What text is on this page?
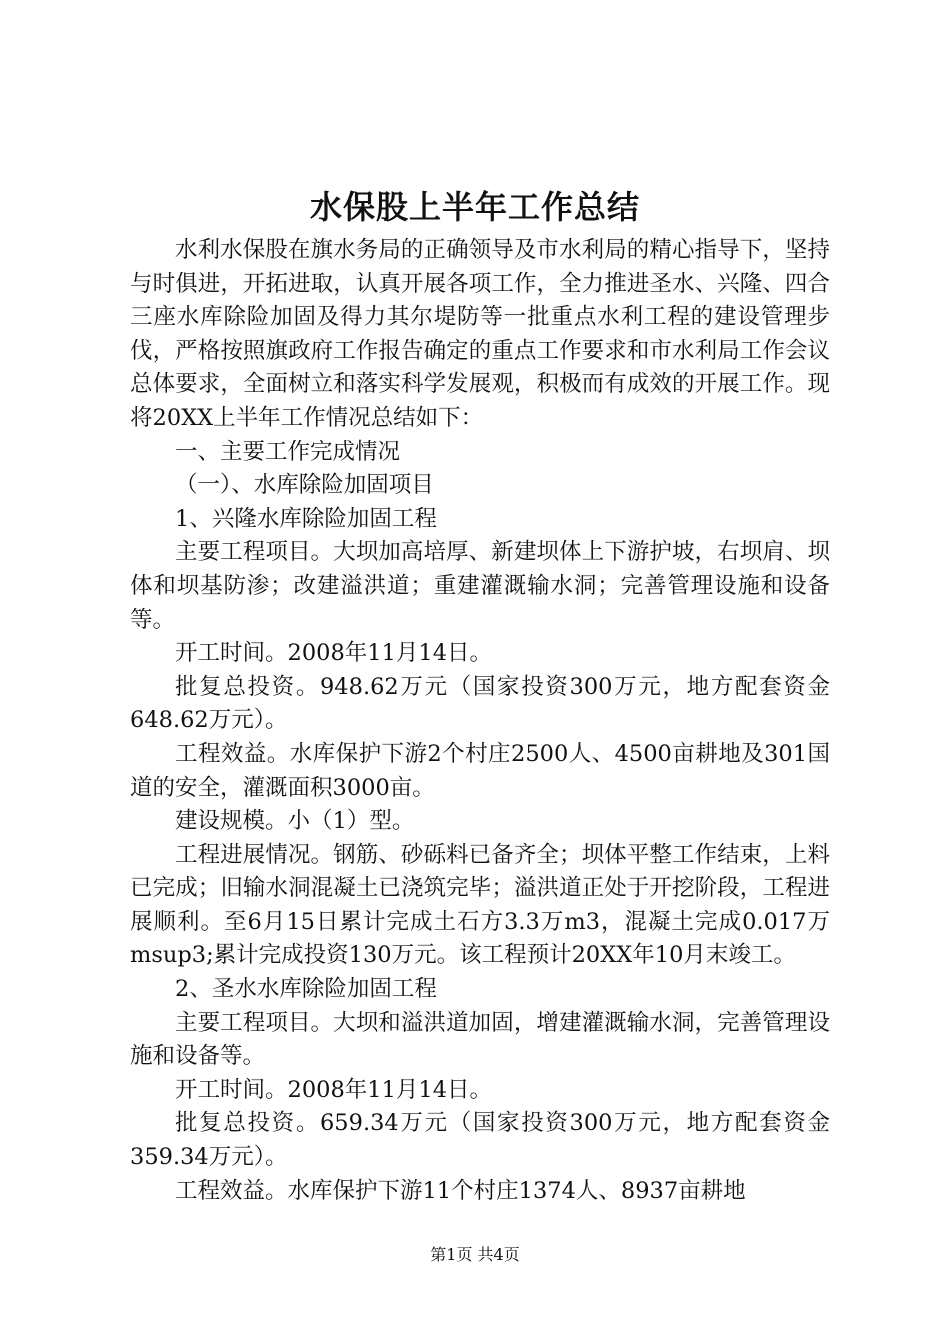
水保股上半年工作总结

水利水保股在旗水务局的正确领导及市水利局的精心指导下，坚持与时俱进，开拓进取，认真开展各项工作，全力推进圣水、兴隆、四合三座水库除险加固及得力其尔堤防等一批重点水利工程的建设管理步伐，严格按照旗政府工作报告确定的重点工作要求和市水利局工作会议总体要求，全面树立和落实科学发展观，积极而有成效的开展工作。现将20XX上半年工作情况总结如下：

一、主要工作完成情况

（一）、水库除险加固项目

1、兴隆水库除险加固工程

主要工程项目。大坝加高培厚、新建坝体上下游护坡，右坝肩、坝体和坝基防渗；改建溢洪道；重建灌溉输水洞；完善管理设施和设备等。

开工时间。2008年11月14日。

批复总投资。948.62万元（国家投资300万元，地方配套资金648.62万元）。

工程效益。水库保护下游2个村庄2500人、4500亩耕地及301国道的安全，灌溉面积3000亩。

建设规模。小（1）型。

工程进展情况。钢筋、砂砾料已备齐全；坝体平整工作结束，上料已完成；旧输水洞混凝土已浇筑完毕；溢洪道正处于开挖阶段，工程进展顺利。至6月15日累计完成土石方3.3万m3，混凝土完成0.017万msup3;累计完成投资130万元。该工程预计20XX年10月末竣工。

2、圣水水库除险加固工程

主要工程项目。大坝和溢洪道加固，增建灌溉输水洞，完善管理设施和设备等。

开工时间。2008年11月14日。

批复总投资。659.34万元（国家投资300万元，地方配套资金359.34万元）。

工程效益。水库保护下游11个村庄1374人、8937亩耕地

第1页 共4页
